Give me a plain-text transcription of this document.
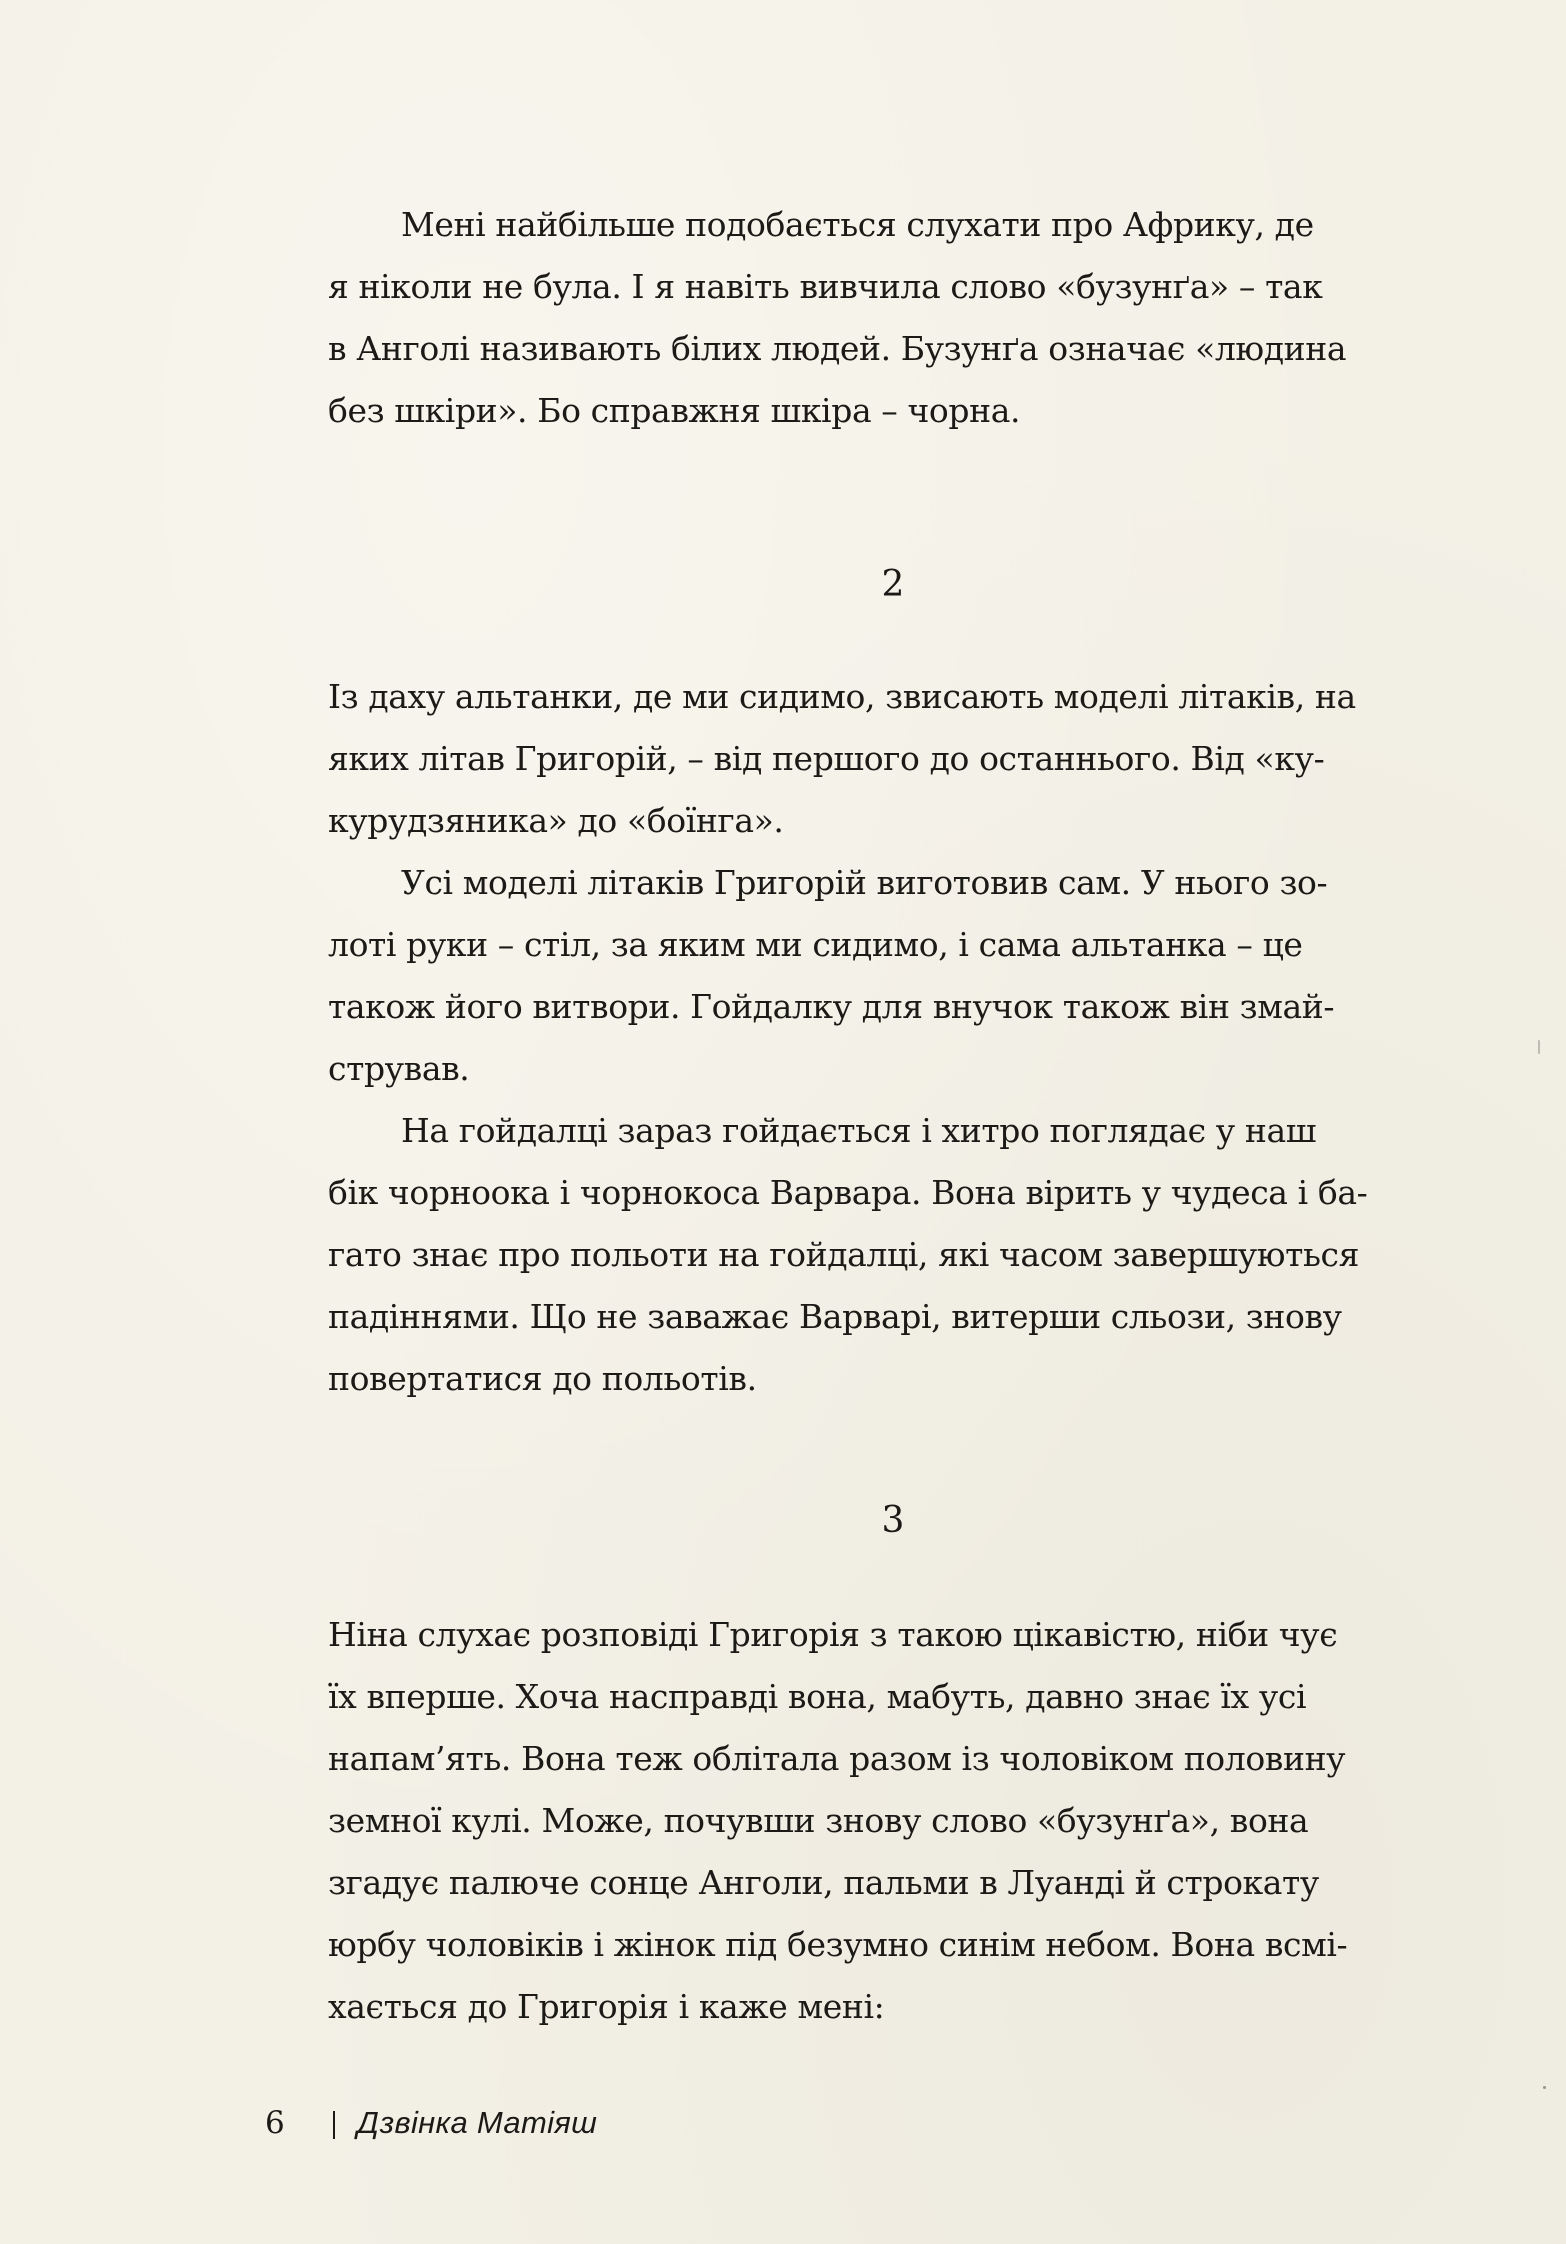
Мені найбільше подобається слухати про Африку, де
я ніколи не була. І я навіть вивчила слово «бузунґа» – так
в Анголі називають білих людей. Бузунґа означає «людина
без шкіри». Бо справжня шкіра – чорна.
2
Із даху альтанки, де ми сидимо, звисають моделі літаків, на
яких літав Григорій, – від першого до останнього. Від «ку-
курудзяника» до «боїнга».
Усі моделі літаків Григорій виготовив сам. У нього зо-
лоті руки – стіл, за яким ми сидимо, і сама альтанка – це
також його витвори. Гойдалку для внучок також він змай-
стрував.
На гойдалці зараз гойдається і хитро поглядає у наш
бік чорноока і чорнокоса Варвара. Вона вірить у чудеса і ба-
гато знає про польоти на гойдалці, які часом завершуються
падіннями. Що не заважає Варварі, витерши сльози, знову
повертатися до польотів.
3
Ніна слухає розповіді Григорія з такою цікавістю, ніби чує
їх вперше. Хоча насправді вона, мабуть, давно знає їх усі
напам’ять. Вона теж облітала разом із чоловіком половину
земної кулі. Може, почувши знову слово «бузунґа», вона
згадує палюче сонце Анголи, пальми в Луанді й строкату
юрбу чоловіків і жінок під безумно синім небом. Вона всмі-
хається до Григорія і каже мені:
6 Дзвінка Матіяш
